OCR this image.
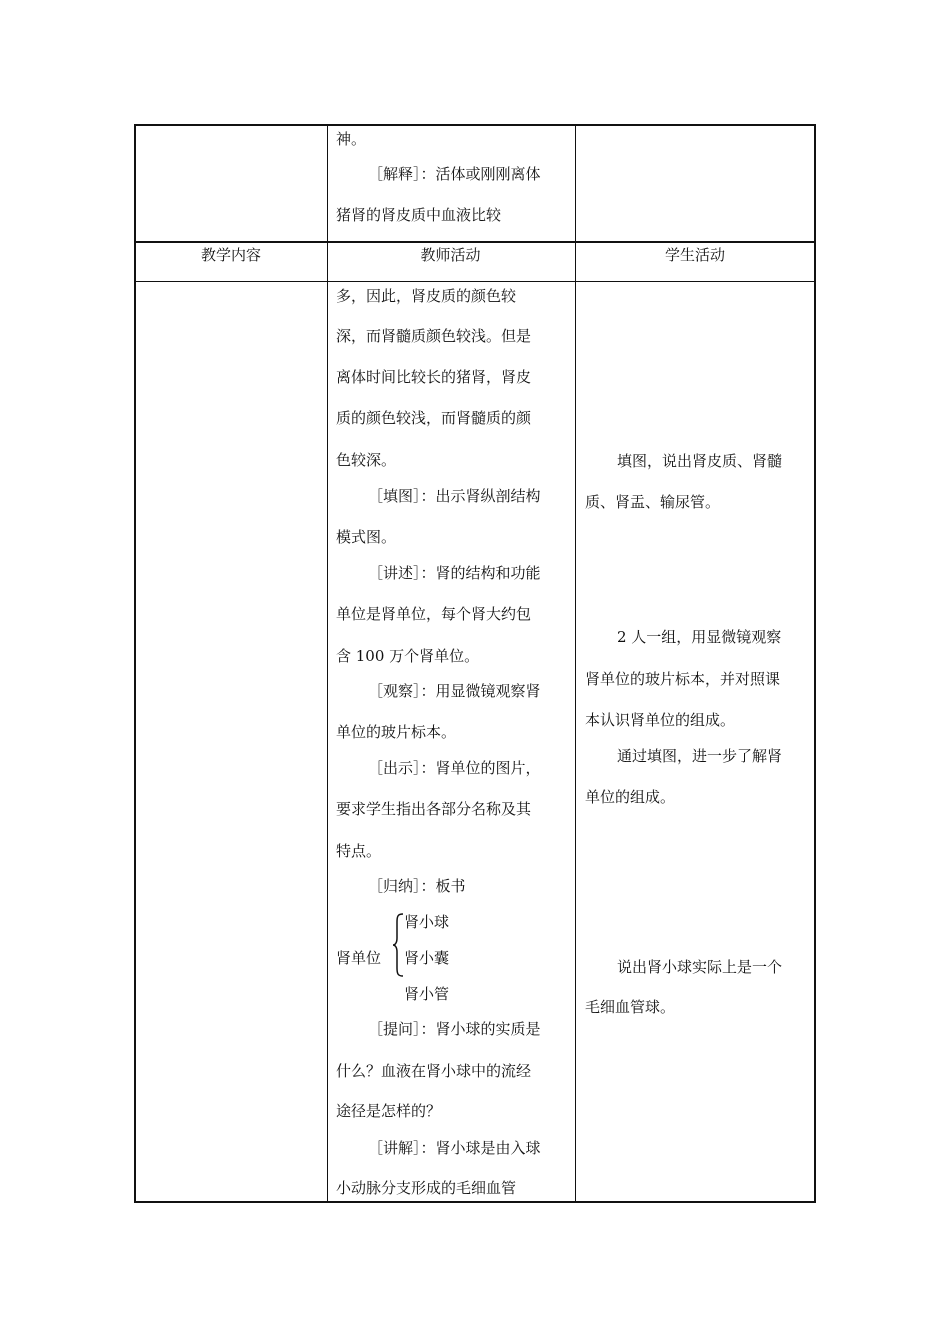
神。
［解释］：活体或刚刚离体
猪肾的肾皮质中血液比较
教学内容	教师活动	学生活动
多，因此，肾皮质的颜色较
深，而肾髓质颜色较浅。但是
离体时间比较长的猪肾，肾皮
质的颜色较浅，而肾髓质的颜
色较深。
［填图］：出示肾纵剖结构
模式图。
［讲述］：肾的结构和功能
单位是肾单位，每个肾大约包
含 100 万个肾单位。
［观察］：用显微镜观察肾
单位的玻片标本。
［出示］：肾单位的图片，
要求学生指出各部分名称及其
特点。
［归纳］：板书
肾单位
肾小球
肾小囊
肾小管
［提问］：肾小球的实质是
什么？血液在肾小球中的流经
途径是怎样的？
［讲解］：肾小球是由入球
小动脉分支形成的毛细血管
填图，说出肾皮质、肾髓
质、肾盂、输尿管。
2 人一组，用显微镜观察
肾单位的玻片标本，并对照课
本认识肾单位的组成。
通过填图，进一步了解肾
单位的组成。
说出肾小球实际上是一个
毛细血管球。
